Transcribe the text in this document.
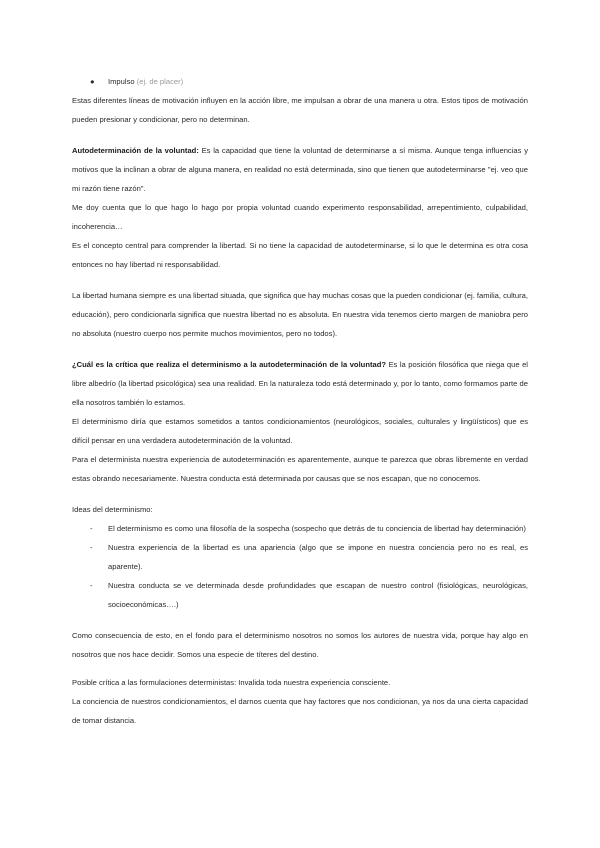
● Impulso (ej. de placer)

Estas diferentes líneas de motivación influyen en la acción libre, me impulsan a obrar de una manera u otra. Estos tipos de motivación pueden presionar y condicionar, pero no determinan.

Autodeterminación de la voluntad: Es la capacidad que tiene la voluntad de determinarse a sí misma. Aunque tenga influencias y motivos que la inclinan a obrar de alguna manera, en realidad no está determinada, sino que tienen que autodeterminarse "ej. veo que mi razón tiene razón".

Me doy cuenta que lo que hago lo hago por propia voluntad cuando experimento responsabilidad, arrepentimiento, culpabilidad, incoherencia…

Es el concepto central para comprender la libertad. Si no tiene la capacidad de autodeterminarse, si lo que le determina es otra cosa entonces no hay libertad ni responsabilidad.

La libertad humana siempre es una libertad situada, que significa que hay muchas cosas que la pueden condicionar (ej. familia, cultura, educación), pero condicionarla significa que nuestra libertad no es absoluta. En nuestra vida tenemos cierto margen de maniobra pero no absoluta (nuestro cuerpo nos permite muchos movimientos, pero no todos).

¿Cuál es la crítica que realiza el determinismo a la autodeterminación de la voluntad? Es la posición filosófica que niega que el libre albedrío (la libertad psicológica) sea una realidad. En la naturaleza todo está determinado y, por lo tanto, como formamos parte de ella nosotros también lo estamos.

El determinismo diría que estamos sometidos a tantos condicionamientos (neurológicos, sociales, culturales y lingüísticos) que es difícil pensar en una verdadera autodeterminación de la voluntad.

Para el determinista nuestra experiencia de autodeterminación es aparentemente, aunque te parezca que obras libremente en verdad estas obrando necesariamente. Nuestra conducta está determinada por causas que se nos escapan, que no conocemos.

Ideas del determinismo:

- El determinismo es como una filosofía de la sospecha (sospecho que detrás de tu conciencia de libertad hay determinación)
- Nuestra experiencia de la libertad es una apariencia (algo que se impone en nuestra conciencia pero no es real, es aparente).
- Nuestra conducta se ve determinada desde profundidades que escapan de nuestro control (fisiológicas, neurológicas, socioeconómicas….)

Como consecuencia de esto, en el fondo para el determinismo nosotros no somos los autores de nuestra vida, porque hay algo en nosotros que nos hace decidir. Somos una especie de títeres del destino.

Posible crítica a las formulaciones deterministas: Invalida toda nuestra experiencia consciente.

La conciencia de nuestros condicionamientos, el darnos cuenta que hay factores que nos condicionan, ya nos da una cierta capacidad de tomar distancia.
